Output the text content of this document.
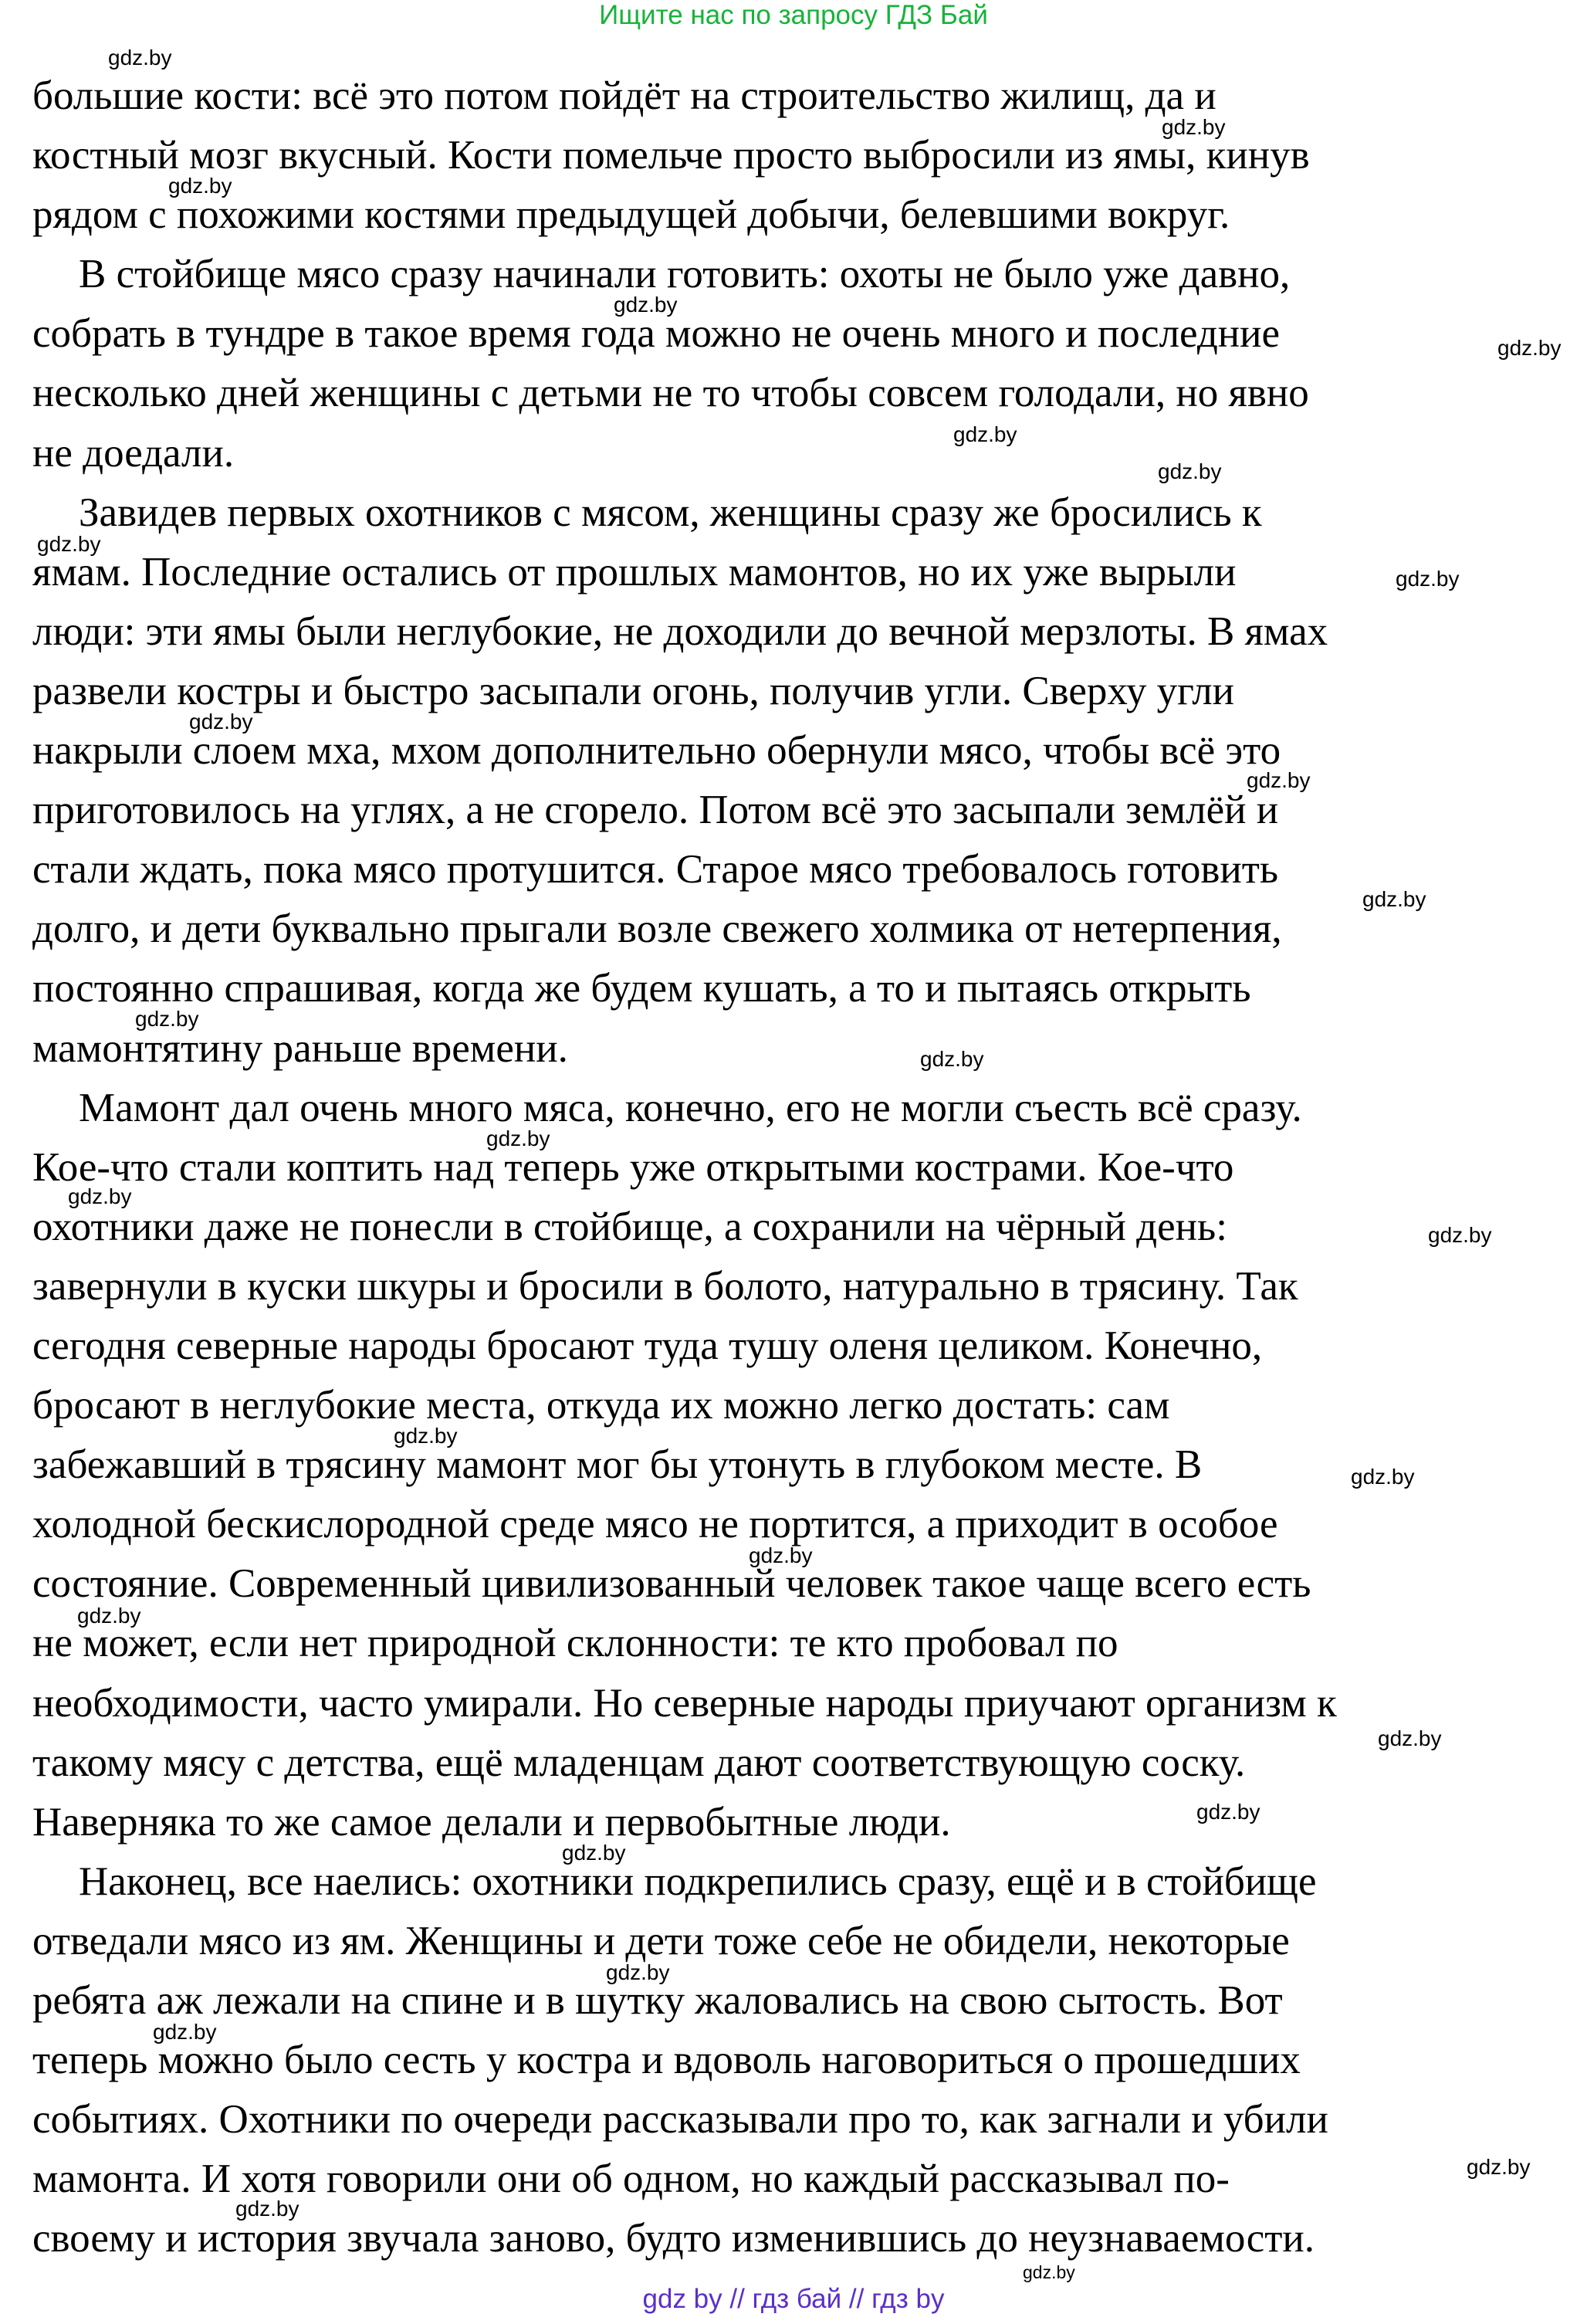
Ищите нас по запросу ГДЗ Бай
большие кости: всё это потом пойдёт на строительство жилищ, да и
костный мозг вкусный. Кости помельче просто выбросили из ямы, кинув
рядом с похожими костями предыдущей добычи, белевшими вокруг.
В стойбище мясо сразу начинали готовить: охоты не было уже давно,
собрать в тундре в такое время года можно не очень много и последние
несколько дней женщины с детьми не то чтобы совсем голодали, но явно
не доедали.
Завидев первых охотников с мясом, женщины сразу же бросились к
ямам. Последние остались от прошлых мамонтов, но их уже вырыли
люди: эти ямы были неглубокие, не доходили до вечной мерзлоты. В ямах
развели костры и быстро засыпали огонь, получив угли. Сверху угли
накрыли слоем мха, мхом дополнительно обернули мясо, чтобы всё это
приготовилось на углях, а не сгорело. Потом всё это засыпали землёй и
стали ждать, пока мясо протушится. Старое мясо требовалось готовить
долго, и дети буквально прыгали возле свежего холмика от нетерпения,
постоянно спрашивая, когда же будем кушать, а то и пытаясь открыть
мамонтятину раньше времени.
Мамонт дал очень много мяса, конечно, его не могли съесть всё сразу.
Кое-что стали коптить над теперь уже открытыми кострами. Кое-что
охотники даже не понесли в стойбище, а сохранили на чёрный день:
завернули в куски шкуры и бросили в болото, натурально в трясину. Так
сегодня северные народы бросают туда тушу оленя целиком. Конечно,
бросают в неглубокие места, откуда их можно легко достать: сам
забежавший в трясину мамонт мог бы утонуть в глубоком месте. В
холодной бескислородной среде мясо не портится, а приходит в особое
состояние. Современный цивилизованный человек такое чаще всего есть
не может, если нет природной склонности: те кто пробовал по
необходимости, часто умирали. Но северные народы приучают организм к
такому мясу с детства, ещё младенцам дают соответствующую соску.
Наверняка то же самое делали и первобытные люди.
Наконец, все наелись: охотники подкрепились сразу, ещё и в стойбище
отведали мясо из ям. Женщины и дети тоже себе не обидели, некоторые
ребята аж лежали на спине и в шутку жаловались на свою сытость. Вот
теперь можно было сесть у костра и вдоволь наговориться о прошедших
событиях. Охотники по очереди рассказывали про то, как загнали и убили
мамонта. И хотя говорили они об одном, но каждый рассказывал по-
своему и история звучала заново, будто изменившись до неузнаваемости.
gdz.by
gdz.by
gdz.by
gdz.by
gdz.by
gdz.by
gdz.by
gdz.by
gdz.by
gdz.by
gdz.by
gdz.by
gdz.by
gdz.by
gdz.by
gdz.by
gdz.by
gdz.by
gdz.by
gdz.by
gdz.by
gdz.by
gdz.by
gdz.by
gdz.by
gdz.by
gdz.by
gdz.by
gdz.by
gdz by // гдз бай // гдз by
